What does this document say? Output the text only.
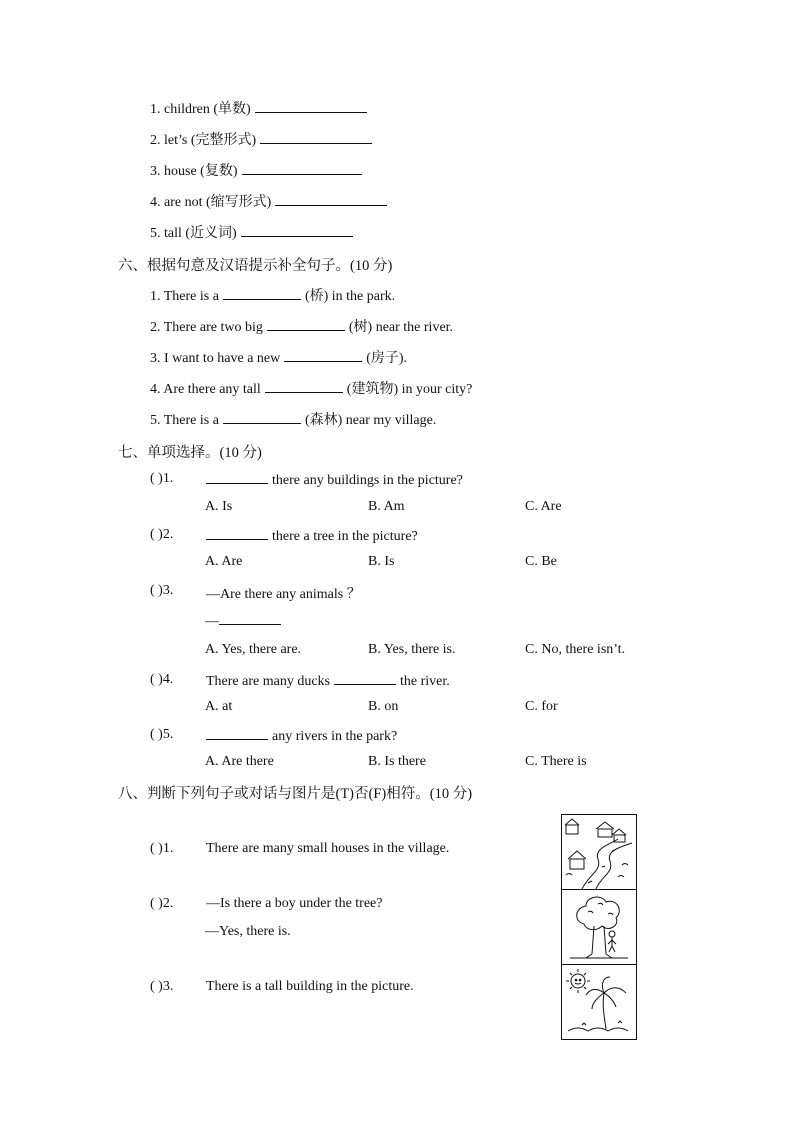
1. children (单数)
2. let’s (完整形式)
3. house (复数)
4. are not (缩写形式)
5. tall (近义词)
六、根据句意及汉语提示补全句子。(10 分)
1. There is a	(桥) in the park.
2. There are two big	(树) near the river.
3. I want to have a new	(房子).
4. Are there any tall	(建筑物) in your city?
5. There is a	(森林) near my village.
七、单项选择。(10 分)
( )1.	there any buildings in the picture?
A. Is	B. Am	C. Are
( )2.	there a tree in the picture?
A. Are	B. Is	C. Be
( )3. —Are there any animals ？
—
A. Yes, there are.	B. Yes, there is.	C. No, there isn’t.
( )4. There are many ducks	the river.
A. at	B. on	C. for
( )5.	any rivers in the park?
A. Are there	B. Is there	C. There is
八、判断下列句子或对话与图片是(T)否(F)相符。(10 分)
( )1. There are many small houses in the village.
( )2. —Is there a boy under the tree?
—Yes, there is.
( )3. There is a tall building in the picture.
